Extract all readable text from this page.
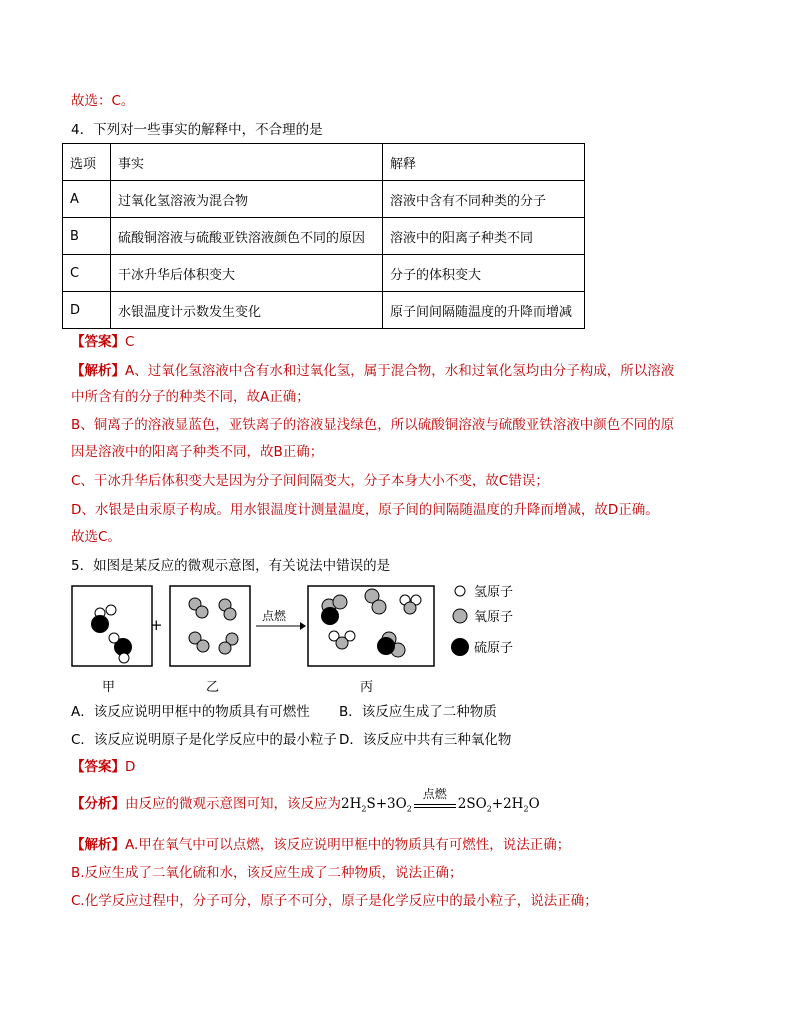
故选：C。
4．下列对一些事实的解释中，不合理的是
选项	事实	解释
A	过氧化氢溶液为混合物	溶液中含有不同种类的分子
B	硫酸铜溶液与硫酸亚铁溶液颜色不同的原因	溶液中的阳离子种类不同
C	干冰升华后体积变大	分子的体积变大
D	水银温度计示数发生变化	原子间间隔随温度的升降而增减
【答案】C
【解析】A、过氧化氢溶液中含有水和过氧化氢，属于混合物，水和过氧化氢均由分子构成，所以溶液
中所含有的分子的种类不同，故A正确；
B、铜离子的溶液显蓝色，亚铁离子的溶液显浅绿色，所以硫酸铜溶液与硫酸亚铁溶液中颜色不同的原
因是溶液中的阳离子种类不同，故B正确；
C、干冰升华后体积变大是因为分子间间隔变大，分子本身大小不变，故C错误；
D、水银是由汞原子构成。用水银温度计测量温度，原子间的间隔随温度的升降而增减，故D正确。
故选C。
5．如图是某反应的微观示意图，有关说法中错误的是
+	点燃
甲	乙	丙
氢原子
氧原子
硫原子
A．该反应说明甲框中的物质具有可燃性 B．该反应生成了二种物质
C．该反应说明原子是化学反应中的最小粒子 D．该反应中共有三种氧化物
【答案】D
【分析】由反应的微观示意图可知，该反应为$2H_2S+3O_2$
点燃
$2SO_2+2H_2O$
【解析】A.甲在氧气中可以点燃，该反应说明甲框中的物质具有可燃性，说法正确；
B.反应生成了二氧化硫和水，该反应生成了二种物质，说法正确；
C.化学反应过程中，分子可分，原子不可分，原子是化学反应中的最小粒子，说法正确；
